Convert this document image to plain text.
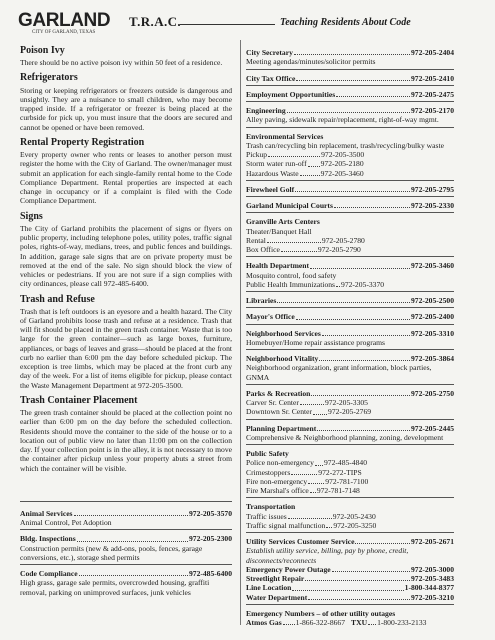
GARLAND
CITY OF GARLAND, TEXAS
T.R.A.C.	Teaching Residents About Code
Poison Ivy

There should be no active poison ivy within 50 feet of a residence.

Refrigerators

Storing or keeping refrigerators or freezers outside is dangerous and unsightly. They are a nuisance to small children, who may become trapped inside. If a refrigerator or freezer is being placed at the curbside for pick up, you must insure that the doors are secured and cannot be opened or have been removed.

Rental Property Registration

Every property owner who rents or leases to another person must register the home with the City of Garland. The owner/manager must submit an application for each single-family rental home to the Code Compliance Department. Rental properties are inspected at each change in occupancy or if a complaint is filed with the Code Compliance Department.

Signs

The City of Garland prohibits the placement of signs or flyers on public property, including telephone poles, utility poles, traffic signal poles, rights-of-way, medians, trees, and public fences and buildings. In addition, garage sale signs that are on private property must be removed at the end of the sale. No sign should block the view of vehicles or pedestrians. If you are not sure if a sign complies with city ordinances, please call 972-485-6400.

Trash and Refuse

Trash that is left outdoors is an eyesore and a health hazard. The City of Garland prohibits loose trash and refuse at a residence. Trash that will fit should be placed in the green trash container. Waste that is too large for the green container—such as large boxes, furniture, appliances, or bags of leaves and grass—should be placed at the front curb no earlier than 6:00 pm the day before scheduled pickup. The exception is tree limbs, which may be placed at the front curb any day of the week. For a list of items eligible for pickup, please contact the Waste Management Department at 972-205-3500.

Trash Container Placement

The green trash container should be placed at the collection point no earlier than 6:00 pm on the day before the scheduled collection. Residents should move the container to the side of the house or to a location out of public view no later than 11:00 pm on the collection day. If your collection point is in the alley, it is not necessary to move the container after pickup unless your property abuts a street from which the container will be visible.

Animal Services	972-205-3570
Animal Control, Pet Adoption
Bldg. Inspections	972-205-2300
Construction permits (new & add-ons, pools, fences, garage conversions, etc.), storage shed permits
Code Compliance	972-485-6400
High grass, garage sale permits, overcrowded housing, graffiti removal, parking on unimproved surfaces, junk vehicles
City Secretary	972-205-2404
Meeting agendas/minutes/solicitor permits
City Tax Office	972-205-2410
Employment Opportunities	972-205-2475
Engineering	972-205-2170
Alley paving, sidewalk repair/replacement, right-of-way mgmt.
Environmental Services
Trash can/recycling bin replacement, trash/recycling/bulky waste
Pickup	972-205-3500
Storm water run-off 972-205-2180
Hazardous Waste	972-205-3460
Firewheel Golf	972-205-2795
Garland Municipal Courts	972-205-2330
Granville Arts Centers
Theater/Banquet Hall
Rental	972-205-2780
Box Office	972-205-2790
Health Department	972-205-3460
Mosquito control, food safety
Public Health Immunizations 972-205-3370
Libraries	972-205-2500
Mayor's Office	972-205-2400
Neighborhood Services	972-205-3310
Homebuyer/Home repair assistance programs
Neighborhood Vitality	972-205-3864
Neighborhood organization, grant information, block parties, GNMA
Parks & Recreation	972-205-2750
Carver Sr. Center	972-205-3305
Downtown Sr. Center 972-205-2769
Planning Department	972-205-2445
Comprehensive & Neighborhood planning, zoning, development
Public Safety
Police non-emergency 972-485-4840
Crimestoppers	972-272-TIPS
Fire non-emergency 972-781-7100
Fire Marshal's office 972-781-7148
Transportation
Traffic issues	972-205-2430
Traffic signal malfunction 972-205-3250
Utility Services Customer Service	972-205-2671
Establish utility service, billing, pay by phone, credit, disconnects/reconnects
Emergency Power Outage	972-205-3000
Streetlight Repair	972-205-3483
Line Location	1-800-344-8377
Water Department	972-205-3210
Emergency Numbers – of other utility outages
Atmos Gas 1-866-322-8667 TXU 1-800-233-2133
